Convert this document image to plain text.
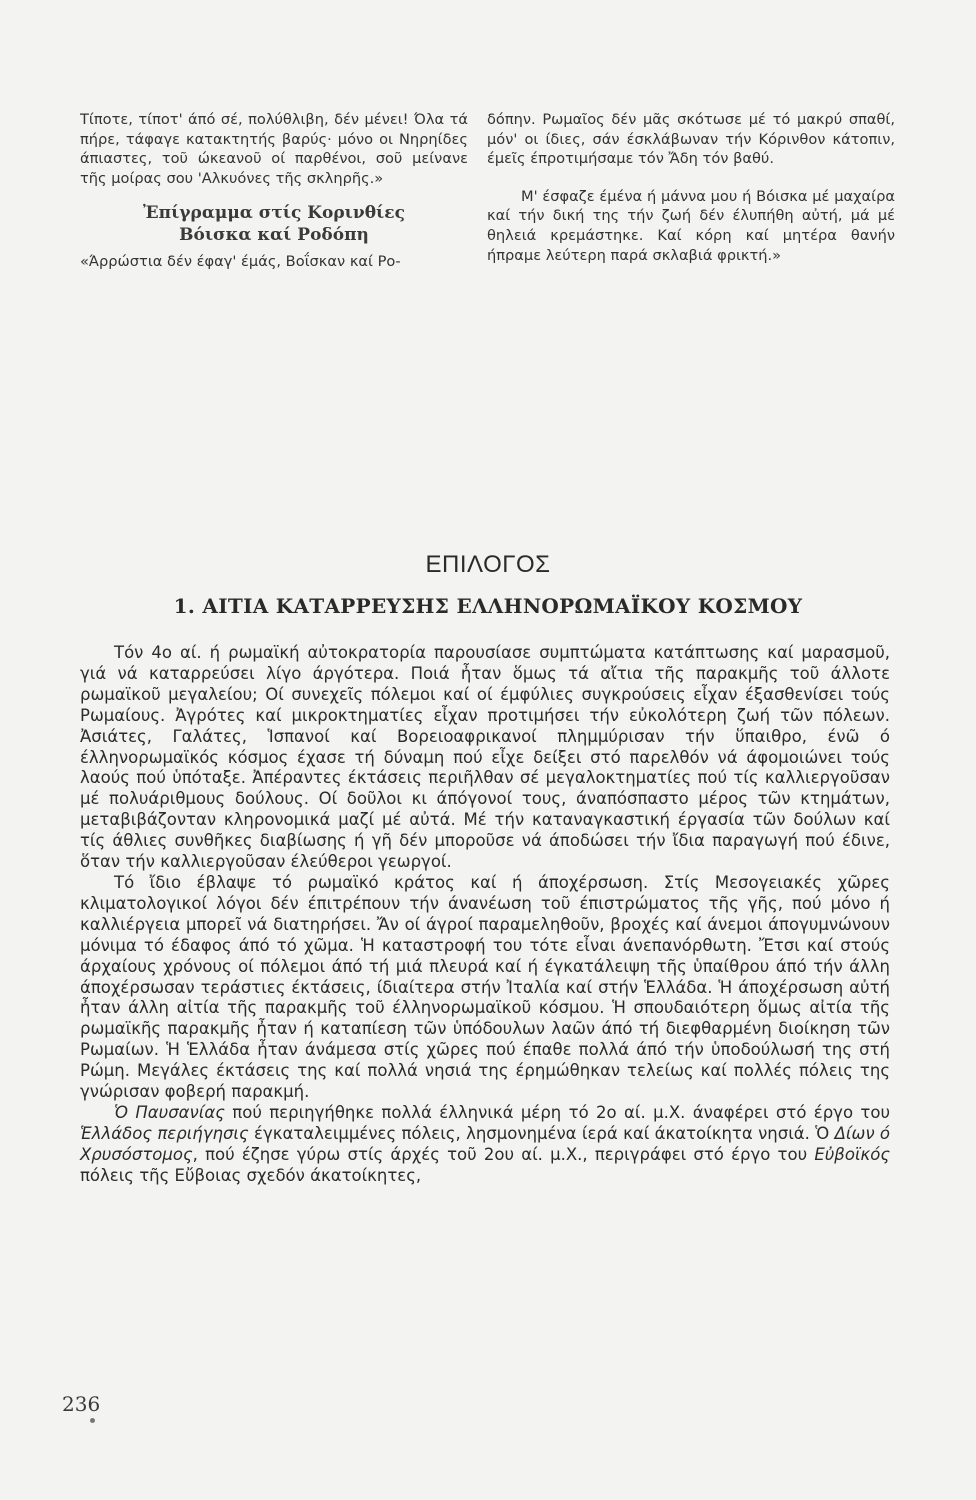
Τίποτε, τίποτ' άπό σέ, πολύθλιβη, δέν μένει! Όλα τά πήρε, τάφαγε κατακτητής βαρύς· μόνο οι Νηρηίδες άπιαστες, τοῦ ώκεανοῦ οί παρθένοι, σοῦ μείνανε τῆς μοίρας σου 'Αλκυόνες τῆς σκληρῆς.»

Ἐπίγραμμα στίς Κορινθίες
Βόισκα καί Ροδόπη

«Άρρώστια δέν έφαγ' έμάς, Βοΐσκαν καί Ρο-

δόπην. Ρωμαῖος δέν μᾶς σκότωσε μέ τό μακρύ σπαθί, μόν' οι ίδιες, σάν έσκλάβωναν τήν Κόρινθον κάτοπιν, έμεῖς έπροτιμήσαμε τόν Ἄδη τόν βαθύ.

Μ' έσφαζε έμένα ή μάννα μου ή Βόισκα μέ μαχαίρα καί τήν δική της τήν ζωή δέν έλυπήθη αὐτή, μά μέ θηλειά κρεμάστηκε. Καί κόρη καί μητέρα θανήν ήπραμε λεύτερη παρά σκλαβιά φρικτή.»

ΕΠΙΛΟΓΟΣ
1. ΑΙΤΙΑ ΚΑΤΑΡΡΕΥΣΗΣ ΕΛΛΗΝΟΡΩΜΑΪΚΟΥ ΚΟΣΜΟΥ

Τόν 4ο αί. ή ρωμαϊκή αὐτοκρατορία παρουσίασε συμπτώματα κατάπτωσης καί μαρασμοῦ, γιά νά καταρρεύσει λίγο άργότερα. Ποιά ἦταν ὅμως τά αἴτια τῆς παρακμῆς τοῦ άλλοτε ρωμαϊκοῦ μεγαλείου; Οί συνεχεῖς πόλεμοι καί οί έμφύλιες συγκρούσεις εἶχαν έξασθενίσει τούς Ρωμαίους. Ἀγρότες καί μικροκτηματίες εἶχαν προτιμήσει τήν εὐκολότερη ζωή τῶν πόλεων. Ἀσιάτες, Γαλάτες, Ἱσπανοί καί Βορειοαφρικανοί πλημμύρισαν τήν ὕπαιθρο, ένῶ ό έλληνορωμαϊκός κόσμος έχασε τή δύναμη πού εἶχε δείξει στό παρελθόν νά άφομοιώνει τούς λαούς πού ὑπόταξε. Ἀπέραντες έκτάσεις περιῆλθαν σέ μεγαλοκτηματίες πού τίς καλλιεργοῦσαν μέ πολυάριθμους δούλους. Οί δοῦλοι κι άπόγονοί τους, άναπόσπαστο μέρος τῶν κτημάτων, μεταβιβάζονταν κληρονομικά μαζί μέ αὐτά. Μέ τήν καταναγκαστική έργασία τῶν δούλων καί τίς άθλιες συνθῆκες διαβίωσης ή γῆ δέν μποροῦσε νά άποδώσει τήν ἴδια παραγωγή πού έδινε, ὅταν τήν καλλιεργοῦσαν έλεύθεροι γεωργοί.

Τό ἴδιο έβλαψε τό ρωμαϊκό κράτος καί ή άποχέρσωση. Στίς Μεσογειακές χῶρες κλιματολογικοί λόγοι δέν έπιτρέπουν τήν άνανέωση τοῦ έπιστρώματος τῆς γῆς, πού μόνο ή καλλιέργεια μπορεῖ νά διατηρήσει. Ἄν οί άγροί παραμεληθοῦν, βροχές καί άνεμοι άπογυμνώνουν μόνιμα τό έδαφος άπό τό χῶμα. Ἡ καταστροφή του τότε εἶναι άνεπανόρθωτη. Ἔτσι καί στούς άρχαίους χρόνους οί πόλεμοι άπό τή μιά πλευρά καί ή έγκατάλειψη τῆς ὑπαίθρου άπό τήν άλλη άποχέρσωσαν τεράστιες έκτάσεις, ίδιαίτερα στήν Ἰταλία καί στήν Ἑλλάδα. Ἡ άποχέρσωση αὐτή ἦταν άλλη αἰτία τῆς παρακμῆς τοῦ έλληνορωμαϊκοῦ κόσμου. Ἡ σπουδαιότερη ὅμως αἰτία τῆς ρωμαϊκῆς παρακμῆς ἦταν ή καταπίεση τῶν ὑπόδουλων λαῶν άπό τή διεφθαρμένη διοίκηση τῶν Ρωμαίων. Ἡ Ἑλλάδα ἦταν άνάμεσα στίς χῶρες πού έπαθε πολλά άπό τήν ὑποδούλωσή της στή Ρώμη. Μεγάλες έκτάσεις της καί πολλά νησιά της έρημώθηκαν τελείως καί πολλές πόλεις της γνώρισαν φοβερή παρακμή.

Ὁ Παυσανίας πού περιηγήθηκε πολλά έλληνικά μέρη τό 2ο αί. μ.Χ. άναφέρει στό έργο του Ἑλλάδος περιήγησις έγκαταλειμμένες πόλεις, λησμονημένα ίερά καί άκατοίκητα νησιά. Ὁ Δίων ό Χρυσόστομος, πού έζησε γύρω στίς άρχές τοῦ 2ου αί. μ.Χ., περιγράφει στό έργο του Εὐβοϊκός πόλεις τῆς Εὔβοιας σχεδόν άκατοίκητες,

236
